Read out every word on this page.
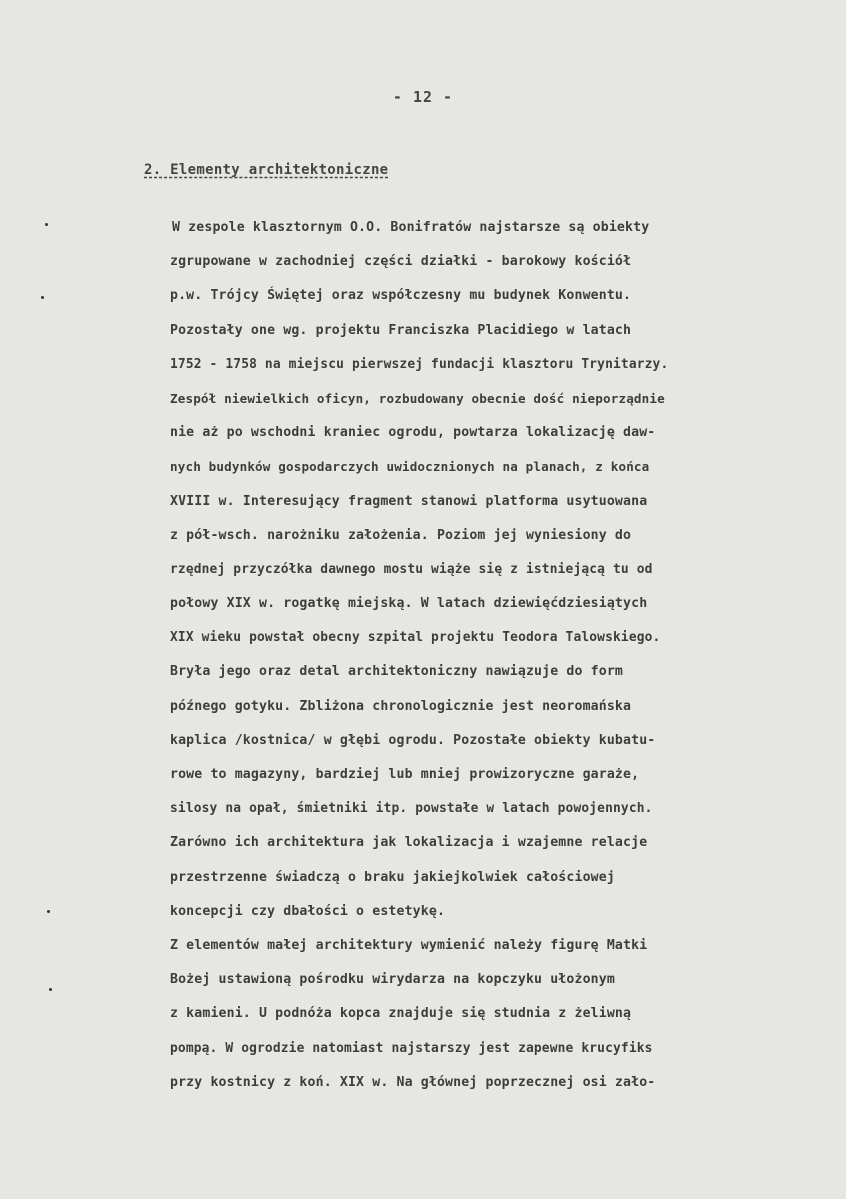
- 12 -
2. Elementy architektoniczne
W zespole klasztornym O.O. Bonifratów najstarsze są obiekty
zgrupowane w zachodniej części działki - barokowy kościół
p.w. Trójcy Świętej oraz współczesny mu budynek Konwentu.
Pozostały one wg. projektu Franciszka Placidiego w latach
1752 - 1758 na miejscu pierwszej fundacji klasztoru Trynitarzy.
Zespół niewielkich oficyn, rozbudowany obecnie dość nieporządnie
nie aż po wschodni kraniec ogrodu, powtarza lokalizację daw-
nych budynków gospodarczych uwidocznionych na planach, z końca
XVIII w. Interesujący fragment stanowi platforma usytuowana
z pół-wsch. narożniku założenia. Poziom jej wyniesiony do
rzędnej przyczółka dawnego mostu wiąże się z istniejącą tu od
połowy XIX w. rogatkę miejską. W latach dziewięćdziesiątych
XIX wieku powstał obecny szpital projektu Teodora Talowskiego.
Bryła jego oraz detal architektoniczny nawiązuje do form
późnego gotyku. Zbliżona chronologicznie jest neoromańska
kaplica /kostnica/ w głębi ogrodu. Pozostałe obiekty kubatu-
rowe to magazyny, bardziej lub mniej prowizoryczne garaże,
silosy na opał, śmietniki itp. powstałe w latach powojennych.
Zarówno ich architektura jak lokalizacja i wzajemne relacje
przestrzenne świadczą o braku jakiejkolwiek całościowej
koncepcji czy dbałości o estetykę.
Z elementów małej architektury wymienić należy figurę Matki
Bożej ustawioną pośrodku wirydarza na kopczyku ułożonym
z kamieni. U podnóża kopca znajduje się studnia z żeliwną
pompą. W ogrodzie natomiast najstarszy jest zapewne krucyfiks
przy kostnicy z koń. XIX w. Na głównej poprzecznej osi zało-
